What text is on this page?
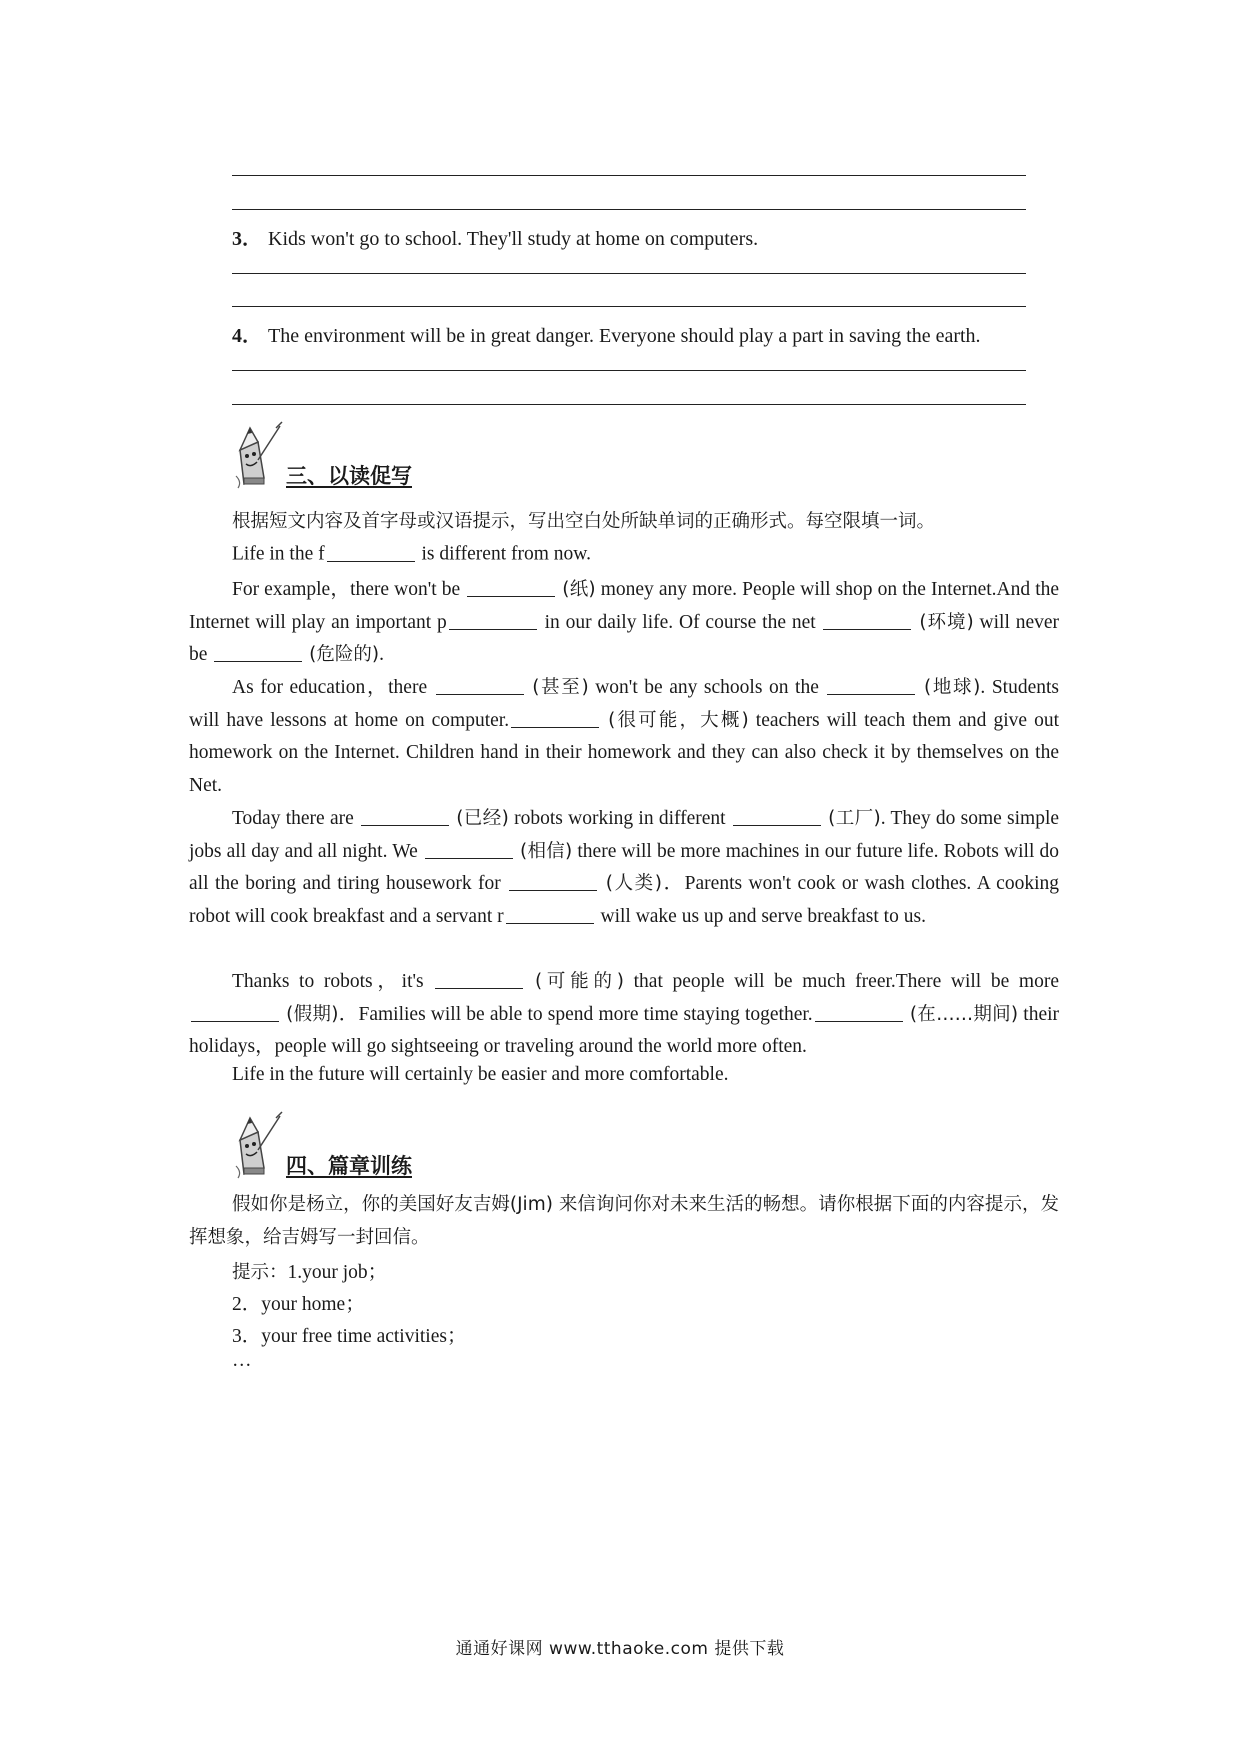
3． Kids won't go to school. They'll study at home on computers.
4． The environment will be in great danger. Everyone should play a part in saving the earth.
三、以读促写

根据短文内容及首字母或汉语提示，写出空白处所缺单词的正确形式。每空限填一词。

Life in the f	is different from now.

For example，there won't be	(纸) money any more. People will shop on the Internet.And the Internet will play an important p	in our daily life. Of course the net	(环境) will never be	(危险的).

As for education，there	(甚至) won't be any schools on the	(地球). Students will have lessons at home on computer.	(很可能，大概) teachers will teach them and give out homework on the Internet. Children hand in their homework and they can also check it by themselves on the Net.

Today there are	(已经) robots working in different	(工厂). They do some simple jobs all day and all night. We	(相信) there will be more machines in our future life. Robots will do all the boring and tiring housework for	(人类)．Parents won't cook or wash clothes. A cooking robot will cook breakfast and a servant r	will wake us up and serve breakfast to us.

Thanks to robots，it's	(可能的) that people will be much freer.There will be more  (假期)．Families will be able to spend more time staying together.	(在……期间) their holidays，people will go sightseeing or traveling around the world more often.

Life in the future will certainly be easier and more comfortable.
四、篇章训练

假如你是杨立，你的美国好友吉姆(Jim) 来信询问你对未来生活的畅想。请你根据下面的内容提示，发挥想象，给吉姆写一封回信。

提示：1.your job；
2．your home；
3．your free time activities；
…
通通好课网 www.tthaoke.com 提供下载
